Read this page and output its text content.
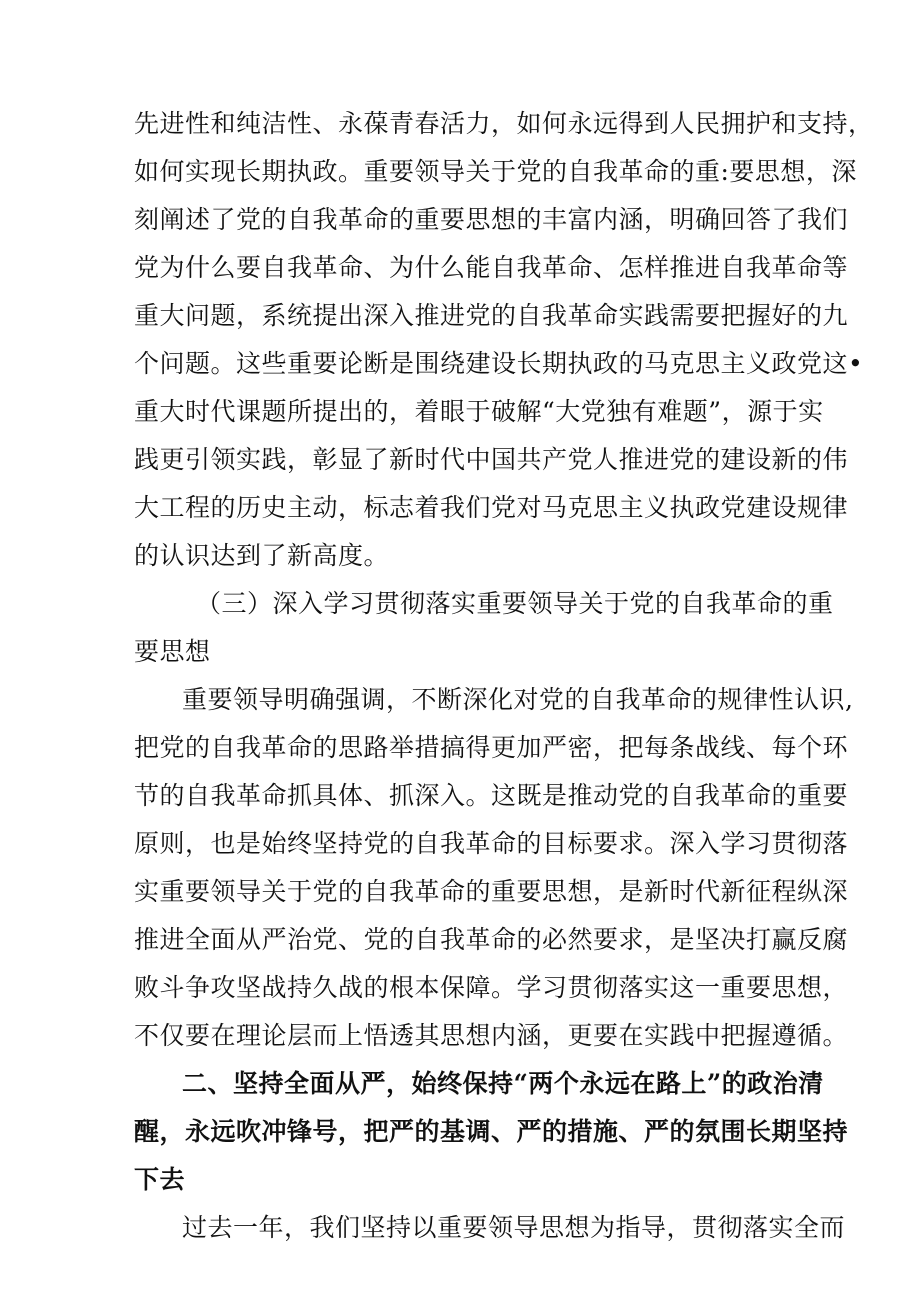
先进性和纯洁性、永葆青春活力，如何永远得到人民拥护和支持，
如何实现长期执政。重要领导关于党的自我革命的重:要思想，深
刻阐述了党的自我革命的重要思想的丰富内涵，明确回答了我们
党为什么要自我革命、为什么能自我革命、怎样推进自我革命等
重大问题，系统提出深入推进党的自我革命实践需要把握好的九
个问题。这些重要论断是围绕建设长期执政的马克思主义政党这•
重大时代课题所提出的，着眼于破解“大党独有难题”，源于实
践更引领实践，彰显了新时代中国共产党人推进党的建设新的伟
大工程的历史主动，标志着我们党对马克思主义执政党建设规律
的认识达到了新高度。
（三）深入学习贯彻落实重要领导关于党的自我革命的重
要思想
重要领导明确强调，不断深化对党的自我革命的规律性认识,
把党的自我革命的思路举措搞得更加严密，把每条战线、每个环
节的自我革命抓具体、抓深入。这既是推动党的自我革命的重要
原则，也是始终坚持党的自我革命的目标要求。深入学习贯彻落
实重要领导关于党的自我革命的重要思想，是新时代新征程纵深
推进全面从严治党、党的自我革命的必然要求，是坚决打赢反腐
败斗争攻坚战持久战的根本保障。学习贯彻落实这一重要思想，
不仅要在理论层而上悟透其思想内涵，更要在实践中把握遵循。
二、坚持全面从严，始终保持“两个永远在路上”的政治清
醒，永远吹冲锋号，把严的基调、严的措施、严的氛围长期坚持
下去
过去一年，我们坚持以重要领导思想为指导，贯彻落实全而
